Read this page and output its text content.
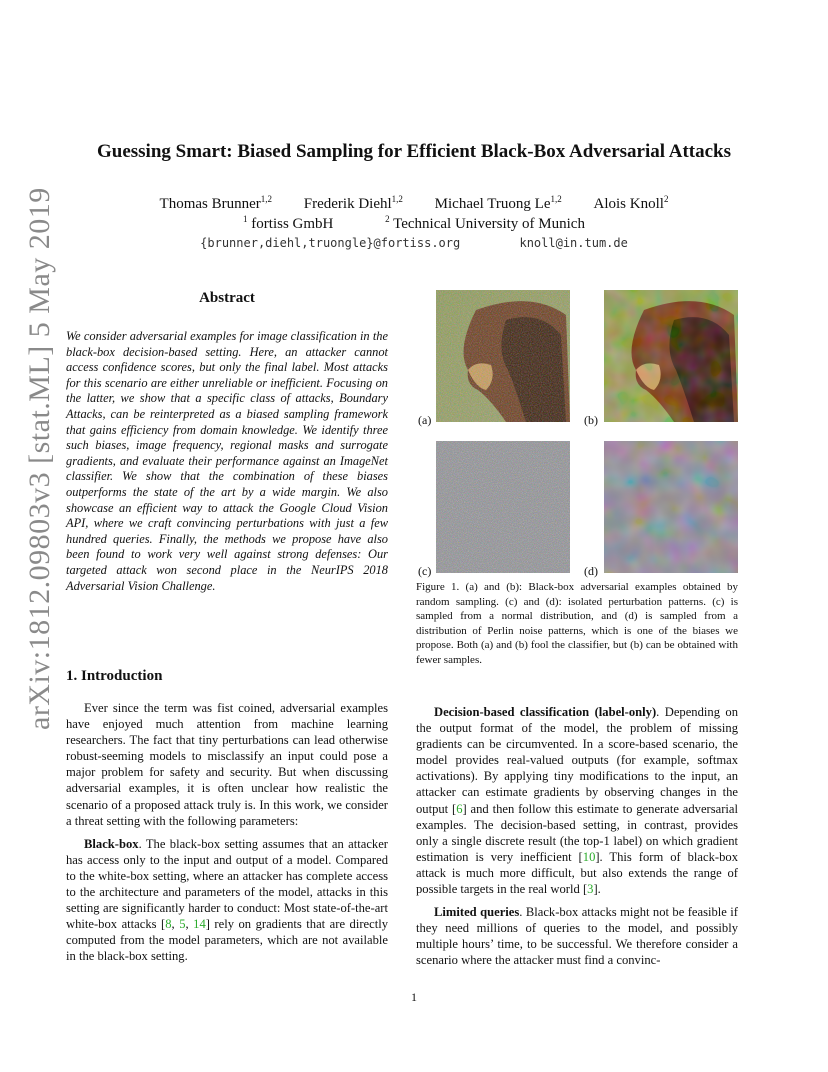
arXiv:1812.09803v3 [stat.ML] 5 May 2019
Guessing Smart: Biased Sampling for Efficient Black-Box Adversarial Attacks
Thomas Brunner$^{1,2}$ Frederik Diehl$^{1,2}$ Michael Truong Le$^{1,2}$ Alois Knoll$^2$
$^1$ fortiss GmbH	$^2$ Technical University of Munich
{brunner,diehl,truongle}@fortiss.org	knoll@in.tum.de
Abstract
We consider adversarial examples for image classification in the black-box decision-based setting. Here, an attacker cannot access confidence scores, but only the final label. Most attacks for this scenario are either unreliable or inefficient. Focusing on the latter, we show that a specific class of attacks, Boundary Attacks, can be reinterpreted as a biased sampling framework that gains efficiency from domain knowledge. We identify three such biases, image frequency, regional masks and surrogate gradients, and evaluate their performance against an ImageNet classifier. We show that the combination of these biases outperforms the state of the art by a wide margin. We also showcase an efficient way to attack the Google Cloud Vision API, where we craft convincing perturbations with just a few hundred queries. Finally, the methods we propose have also been found to work very well against strong defenses: Our targeted attack won second place in the NeurIPS 2018 Adversarial Vision Challenge.
(a)	(b)
(c)	(d)
Figure 1. (a) and (b): Black-box adversarial examples obtained by random sampling. (c) and (d): isolated perturbation patterns. (c) is sampled from a normal distribution, and (d) is sampled from a distribution of Perlin noise patterns, which is one of the biases we propose. Both (a) and (b) fool the classifier, but (b) can be obtained with fewer samples.
1. Introduction

Ever since the term was fist coined, adversarial examples have enjoyed much attention from machine learning researchers. The fact that tiny perturbations can lead otherwise robust-seeming models to misclassify an input could pose a major problem for safety and security. But when discussing adversarial examples, it is often unclear how realistic the scenario of a proposed attack truly is. In this work, we consider a threat setting with the following parameters:

Black-box. The black-box setting assumes that an attacker has access only to the input and output of a model. Compared to the white-box setting, where an attacker has complete access to the architecture and parameters of the model, attacks in this setting are significantly harder to conduct: Most state-of-the-art white-box attacks [8, 5, 14] rely on gradients that are directly computed from the model parameters, which are not available in the black-box setting.

Decision-based classification (label-only). Depending on the output format of the model, the problem of missing gradients can be circumvented. In a score-based scenario, the model provides real-valued outputs (for example, softmax activations). By applying tiny modifications to the input, an attacker can estimate gradients by observing changes in the output [6] and then follow this estimate to generate adversarial examples. The decision-based setting, in contrast, provides only a single discrete result (the top-1 label) on which gradient estimation is very inefficient [10]. This form of black-box attack is much more difficult, but also extends the range of possible targets in the real world [3].

Limited queries. Black-box attacks might not be feasible if they need millions of queries to the model, and possibly multiple hours’ time, to be successful. We therefore consider a scenario where the attacker must find a convinc-

1
